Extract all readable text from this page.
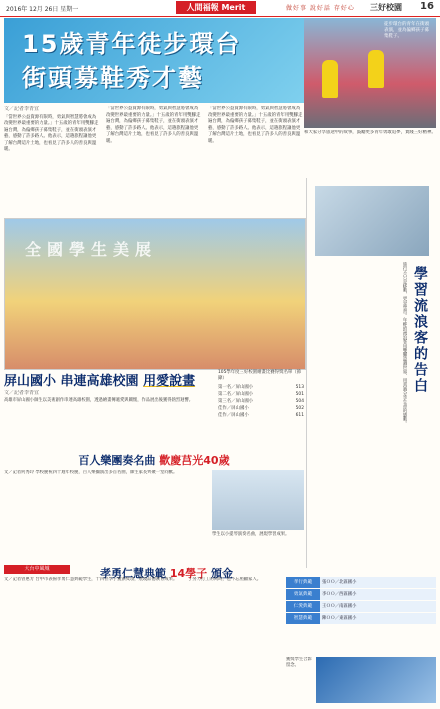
2016年 12月 26日 星期一	人間福報 Merit	做好事 說好話 存好心 三好校園 16
15歲青年徒步環台
街頭募鞋秀才藝
徒步環台的青年在街頭表演，並為偏鄉孩子募集鞋子。
文／記者李青宜
「當世界公益資源有限時，勇氣與智慧將會成為改變世界最重要的力量。」十五歲的青年用雙腳走遍台灣，為偏鄉孩子募集鞋子，並在街頭表演才藝，感動了許多路人。他表示，這趟旅程讓他更了解台灣這片土地，也看見了許多人的善良與溫暖。
「當世界公益資源有限時，勇氣與智慧將會成為改變世界最重要的力量。」十五歲的青年用雙腳走遍台灣，為偏鄉孩子募集鞋子，並在街頭表演才藝，感動了許多路人。他表示，這趟旅程讓他更了解台灣這片土地，也看見了許多人的善良與溫暖。
「當世界公益資源有限時，勇氣與智慧將會成為改變世界最重要的力量。」十五歲的青年用雙腳走遍台灣，為偏鄉孩子募集鞋子，並在街頭表演才藝，感動了許多路人。他表示，這趟旅程讓他更了解台灣這片土地，也看見了許多人的善良與溫暖。
和大家分享旅途中的故事，鼓勵更多青年勇敢追夢，實踐三好精神。
全國學生美展
屏山國小 串連高雄校園 用愛說畫
文／記者李青宜
高雄市屏山國小師生以美術創作串連高雄校園，透過繪畫傳遞愛與關懷，作品展出後獲得熱烈迴響。
105學年度三好校園繪畫比賽得獎名單（節錄）
第一名／屏山國小	513
第二名／屏山國小	501
第三名／屏山國小	504
佳作／屏山國小	502
佳作／屏山國小	611
學習流浪客的告白
旅行不只是移動，更是學習。年輕的流浪客用雙腳認識世界，用真誠分享生命的感動。
百人樂團奏名曲 歡慶莒光40歲
文／記者何秀玲 學校慶祝四十週年校慶，百人樂團演出多首名曲，師生家長齊聚一堂同歡。
學生以小提琴演奏名曲，展現學習成果。
大台中風城	孝勇仁慧典範 14學子 頒金
文／記者曾惠芳 台中市表揚孝勇仁慧典範學生，十四位學子獲頒獎項，展現品德教育成果。	了努力打工的同時，也不忘照顧家人。
孝行典範	張ＯＯ／北區國小
勇氣典範	李ＯＯ／西區國小
仁愛典範	王ＯＯ／南區國小
智慧典範	陳ＯＯ／東區國小
獲獎學生合影留念。
